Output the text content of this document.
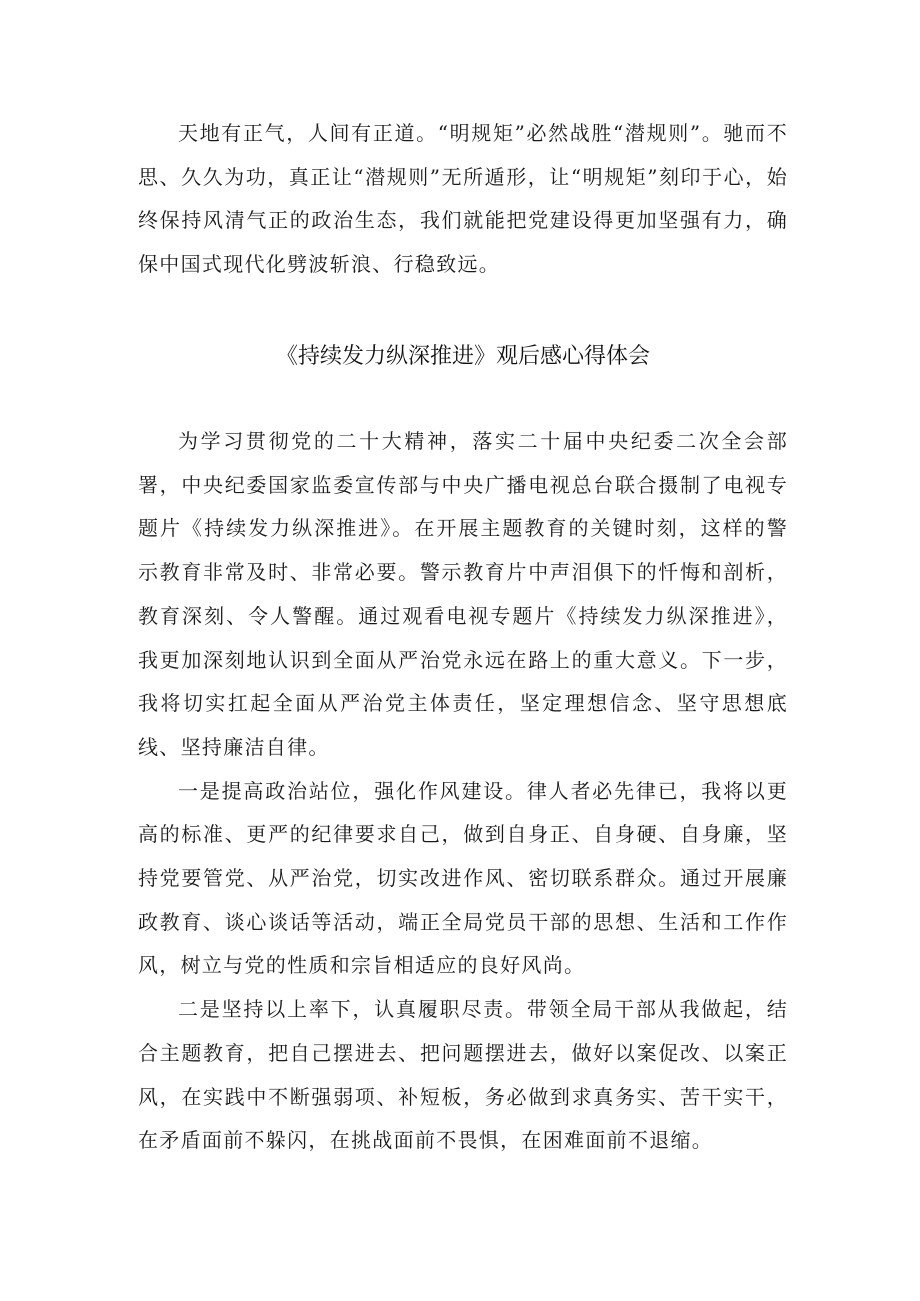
天地有正气，人间有正道。“明规矩”必然战胜“潜规则”。驰而不思、久久为功，真正让“潜规则”无所遁形，让“明规矩”刻印于心，始终保持风清气正的政治生态，我们就能把党建设得更加坚强有力，确保中国式现代化劈波斩浪、行稳致远。

《持续发力纵深推进》观后感心得体会

为学习贯彻党的二十大精神，落实二十届中央纪委二次全会部署，中央纪委国家监委宣传部与中央广播电视总台联合摄制了电视专题片《持续发力纵深推进》。在开展主题教育的关键时刻，这样的警示教育非常及时、非常必要。警示教育片中声泪俱下的忏悔和剖析，教育深刻、令人警醒。通过观看电视专题片《持续发力纵深推进》，我更加深刻地认识到全面从严治党永远在路上的重大意义。下一步，我将切实扛起全面从严治党主体责任，坚定理想信念、坚守思想底线、坚持廉洁自律。

一是提高政治站位，强化作风建设。律人者必先律已，我将以更高的标准、更严的纪律要求自己，做到自身正、自身硬、自身廉，坚持党要管党、从严治党，切实改进作风、密切联系群众。通过开展廉政教育、谈心谈话等活动，端正全局党员干部的思想、生活和工作作风，树立与党的性质和宗旨相适应的良好风尚。

二是坚持以上率下，认真履职尽责。带领全局干部从我做起，结合主题教育，把自己摆进去、把问题摆进去，做好以案促改、以案正风，在实践中不断强弱项、补短板，务必做到求真务实、苦干实干，在矛盾面前不躲闪，在挑战面前不畏惧，在困难面前不退缩。
